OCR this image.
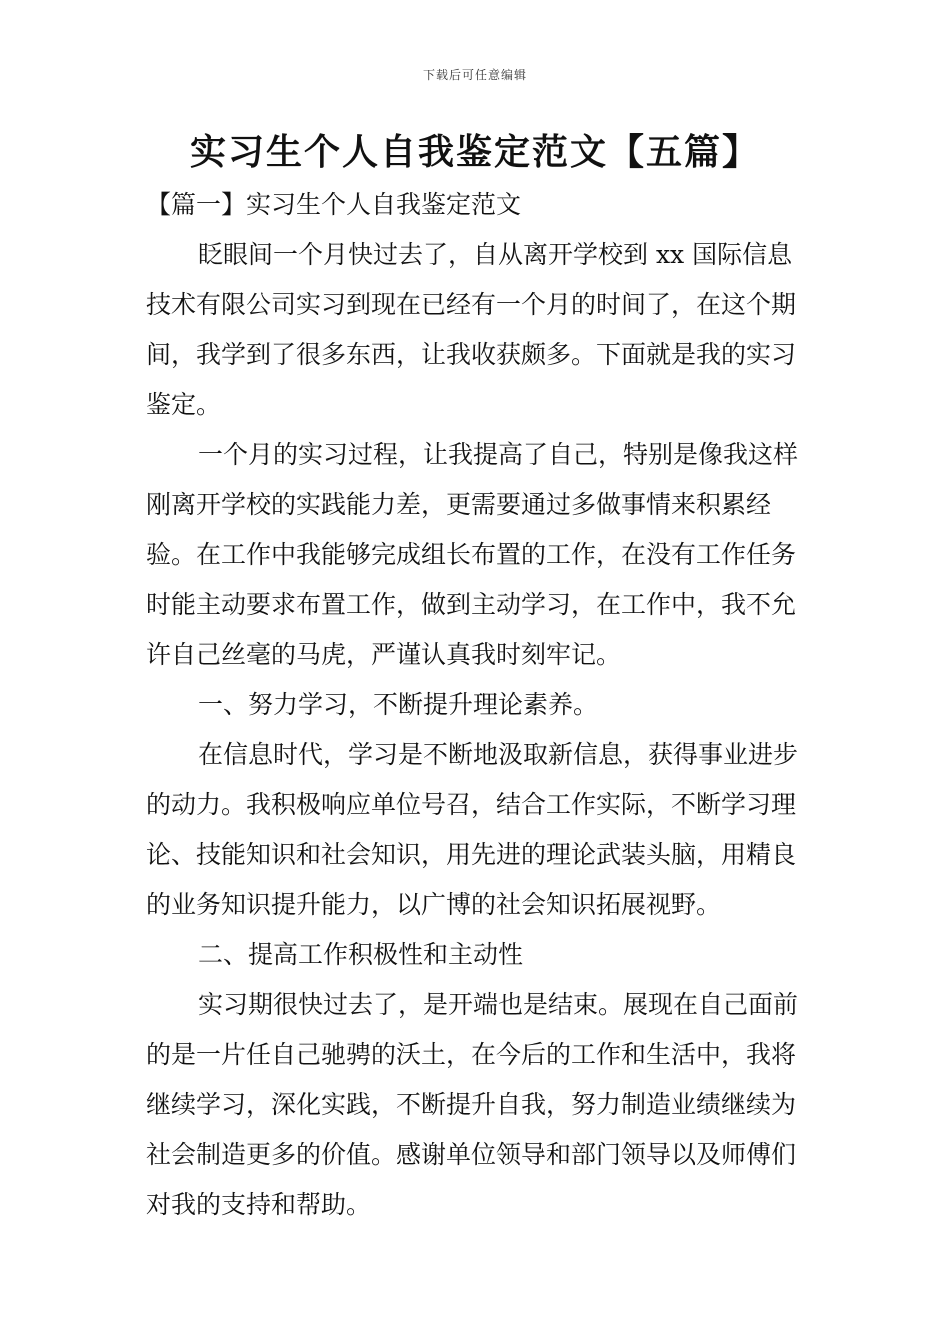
下载后可任意编辑
实习生个人自我鉴定范文【五篇】

【篇一】实习生个人自我鉴定范文

眨眼间一个月快过去了，自从离开学校到 xx 国际信息技术有限公司实习到现在已经有一个月的时间了，在这个期间，我学到了很多东西，让我收获颇多。下面就是我的实习鉴定。

一个月的实习过程，让我提高了自己，特别是像我这样刚离开学校的实践能力差，更需要通过多做事情来积累经验。在工作中我能够完成组长布置的工作，在没有工作任务时能主动要求布置工作，做到主动学习，在工作中，我不允许自己丝毫的马虎，严谨认真我时刻牢记。

一、努力学习，不断提升理论素养。

在信息时代，学习是不断地汲取新信息，获得事业进步的动力。我积极响应单位号召，结合工作实际，不断学习理论、技能知识和社会知识，用先进的理论武装头脑，用精良的业务知识提升能力，以广博的社会知识拓展视野。

二、提高工作积极性和主动性

实习期很快过去了，是开端也是结束。展现在自己面前的是一片任自己驰骋的沃土，在今后的工作和生活中，我将继续学习，深化实践，不断提升自我，努力制造业绩继续为社会制造更多的价值。感谢单位领导和部门领导以及师傅们对我的支持和帮助。
